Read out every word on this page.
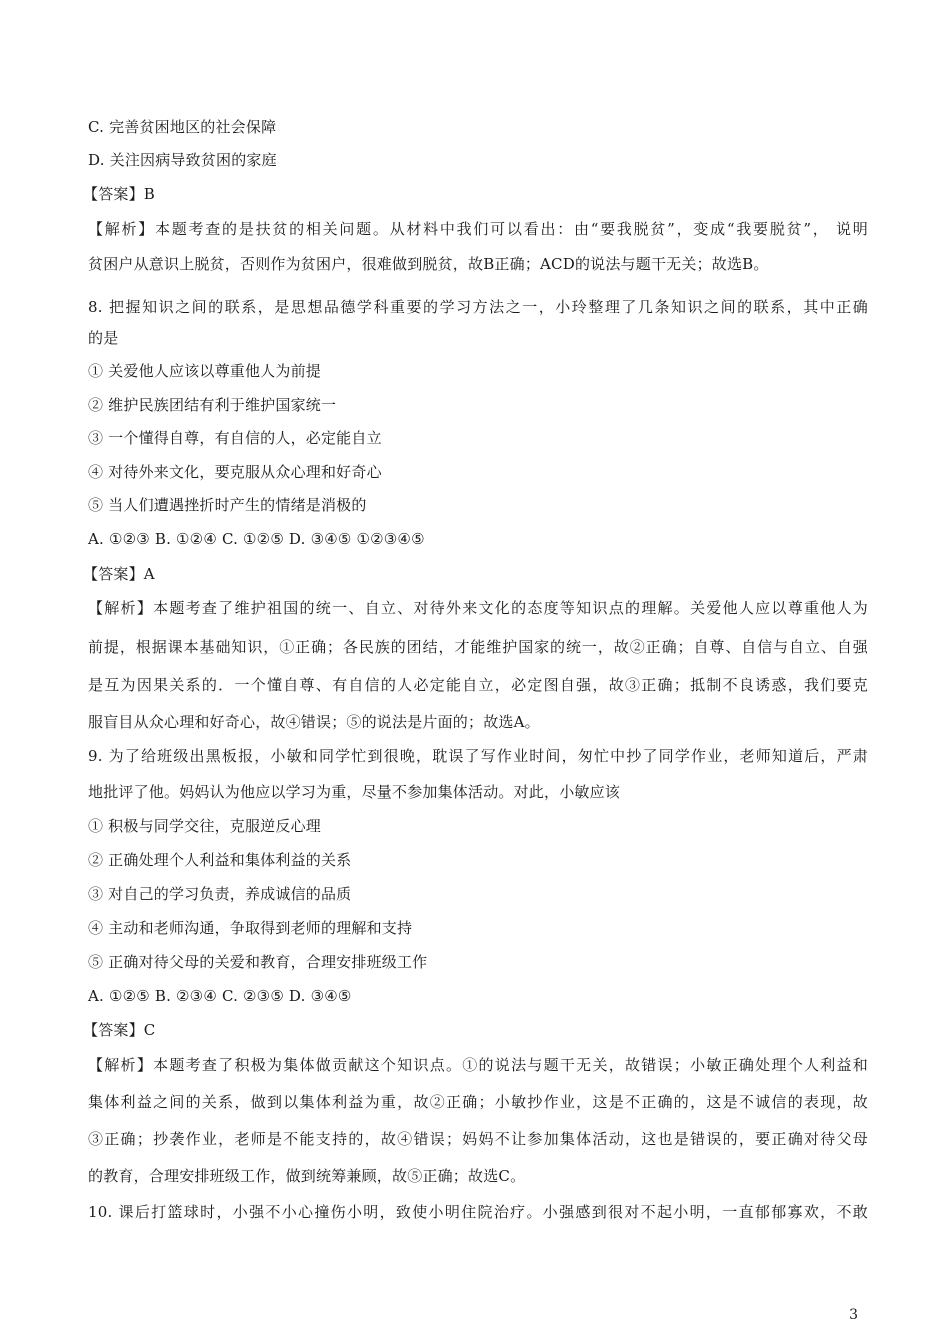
C. 完善贫困地区的社会保障
D. 关注因病导致贫困的家庭
【答案】B
【解析】本题考查的是扶贫的相关问题。从材料中我们可以看出：由“要我脱贫”，变成“我要脱贫”， 说明
贫困户从意识上脱贫，否则作为贫困户，很难做到脱贫，故B正确；ACD的说法与题干无关；故选B。
8. 把握知识之间的联系，是思想品德学科重要的学习方法之一，小玲整理了几条知识之间的联系，其中正确
的是
① 关爱他人应该以尊重他人为前提
② 维护民族团结有利于维护国家统一
③ 一个懂得自尊，有自信的人，必定能自立
④ 对待外来文化，要克服从众心理和好奇心
⑤ 当人们遭遇挫折时产生的情绪是消极的
A. ①②③ B. ①②④ C. ①②⑤ D. ③④⑤ ①②③④⑤
【答案】A
【解析】本题考查了维护祖国的统一、自立、对待外来文化的态度等知识点的理解。关爱他人应以尊重他人为
前提，根据课本基础知识，①正确；各民族的团结，才能维护国家的统一，故②正确；自尊、自信与自立、自强
是互为因果关系的．一个懂自尊、有自信的人必定能自立，必定图自强，故③正确；抵制不良诱惑，我们要克
服盲目从众心理和好奇心，故④错误；⑤的说法是片面的；故选A。
9. 为了给班级出黑板报，小敏和同学忙到很晚，耽误了写作业时间，匆忙中抄了同学作业，老师知道后，严肃
地批评了他。妈妈认为他应以学习为重，尽量不参加集体活动。对此，小敏应该
① 积极与同学交往，克服逆反心理
② 正确处理个人利益和集体利益的关系
③ 对自己的学习负责，养成诚信的品质
④ 主动和老师沟通，争取得到老师的理解和支持
⑤ 正确对待父母的关爱和教育，合理安排班级工作
A. ①②⑤ B. ②③④ C. ②③⑤ D. ③④⑤
【答案】C
【解析】本题考查了积极为集体做贡献这个知识点。①的说法与题干无关，故错误；小敏正确处理个人利益和
集体利益之间的关系，做到以集体利益为重，故②正确；小敏抄作业，这是不正确的，这是不诚信的表现，故
③正确；抄袭作业，老师是不能支持的，故④错误；妈妈不让参加集体活动，这也是错误的，要正确对待父母
的教育，合理安排班级工作，做到统筹兼顾，故⑤正确；故选C。
10. 课后打篮球时，小强不小心撞伤小明，致使小明住院治疗。小强感到很对不起小明，一直郁郁寡欢，不敢
3
